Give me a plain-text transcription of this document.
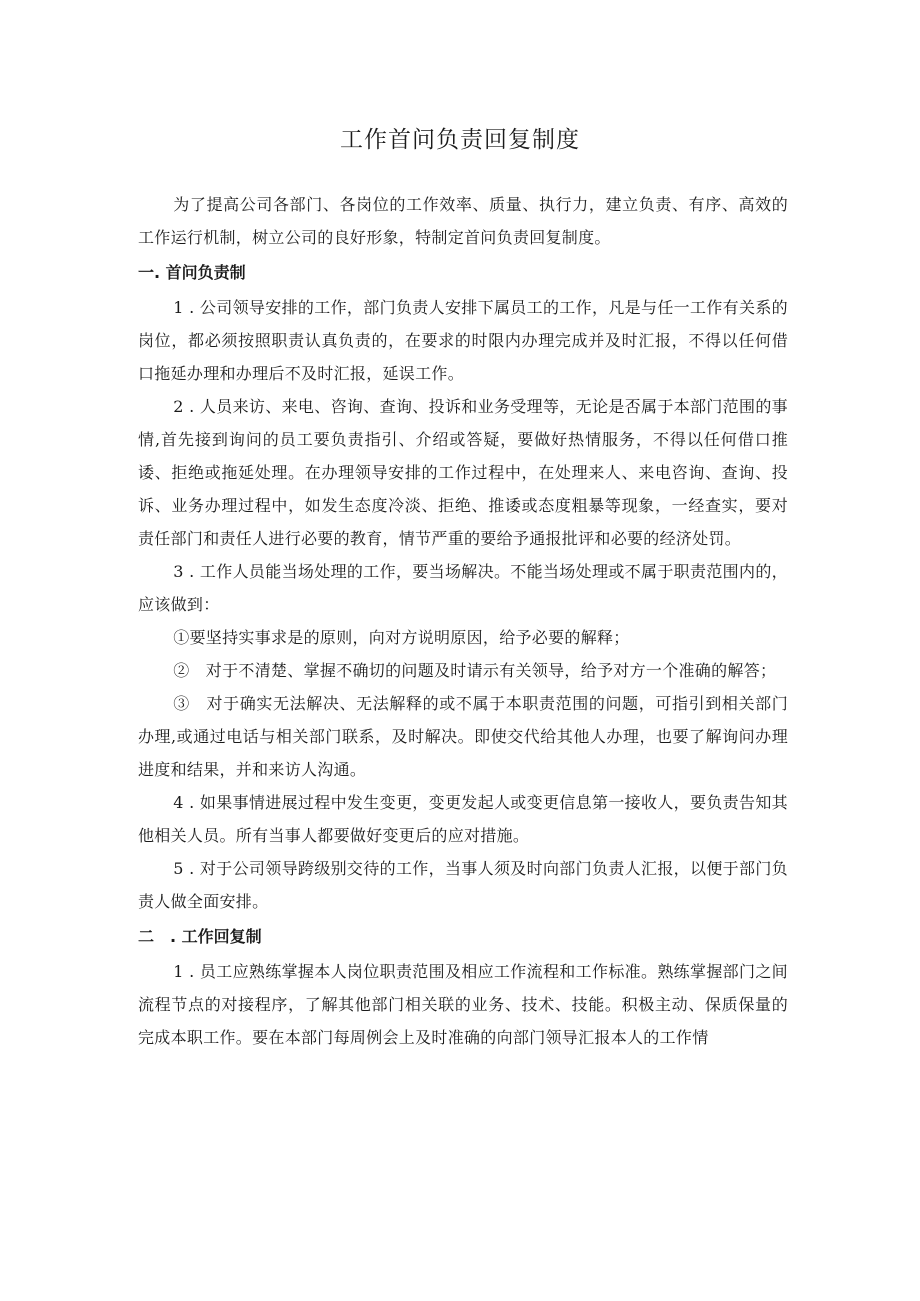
工作首问负责回复制度

为了提高公司各部门、各岗位的工作效率、质量、执行力，建立负责、有序、高效的工作运行机制，树立公司的良好形象，特制定首问负责回复制度。

一. 首问负责制

1 . 公司领导安排的工作，部门负责人安排下属员工的工作，凡是与任一工作有关系的岗位，都必须按照职责认真负责的，在要求的时限内办理完成并及时汇报，不得以任何借口拖延办理和办理后不及时汇报，延误工作。

2 . 人员来访、来电、咨询、查询、投诉和业务受理等，无论是否属于本部门范围的事情,首先接到询问的员工要负责指引、介绍或答疑，要做好热情服务，不得以任何借口推诿、拒绝或拖延处理。在办理领导安排的工作过程中，在处理来人、来电咨询、查询、投诉、业务办理过程中，如发生态度冷淡、拒绝、推诿或态度粗暴等现象，一经查实，要对责任部门和责任人进行必要的教育，情节严重的要给予通报批评和必要的经济处罚。

3 . 工作人员能当场处理的工作，要当场解决。不能当场处理或不属于职责范围内的，应该做到：

①要坚持实事求是的原则，向对方说明原因，给予必要的解释；

②　对于不清楚、掌握不确切的问题及时请示有关领导，给予对方一个准确的解答；

③　对于确实无法解决、无法解释的或不属于本职责范围的问题，可指引到相关部门办理,或通过电话与相关部门联系，及时解决。即使交代给其他人办理，也要了解询问办理进度和结果，并和来访人沟通。

4 . 如果事情进展过程中发生变更，变更发起人或变更信息第一接收人，要负责告知其他相关人员。所有当事人都要做好变更后的应对措施。

5 . 对于公司领导跨级别交待的工作，当事人须及时向部门负责人汇报，以便于部门负责人做全面安排。

二　. 工作回复制

1 . 员工应熟练掌握本人岗位职责范围及相应工作流程和工作标准。熟练掌握部门之间流程节点的对接程序，了解其他部门相关联的业务、技术、技能。积极主动、保质保量的完成本职工作。要在本部门每周例会上及时准确的向部门领导汇报本人的工作情
